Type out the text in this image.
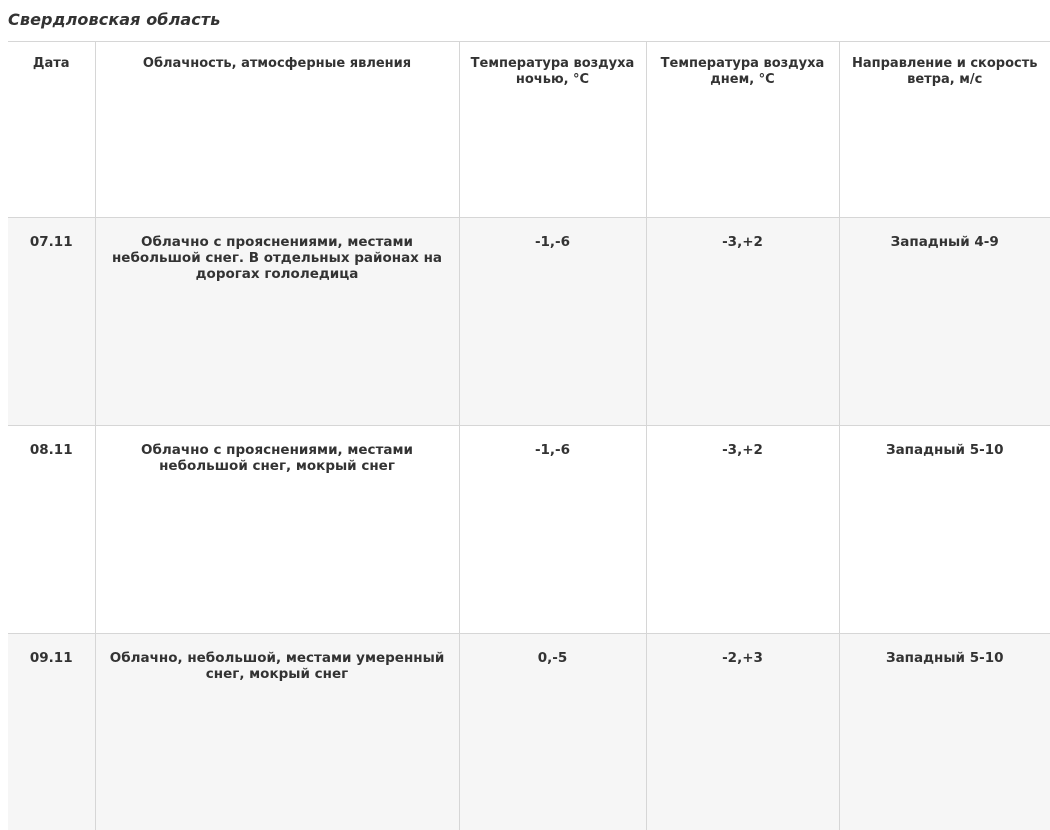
Свердловская область
Дата	Облачность, атмосферные явления	Температура воздуха ночью, °C	Температура воздуха днем, °C	Направление и скорость ветра, м/с
07.11	Облачно с прояснениями, местами небольшой снег. В отдельных районах на дорогах гололедица	-1,-6	-3,+2	Западный 4-9
08.11	Облачно с прояснениями, местами небольшой снег, мокрый снег	-1,-6	-3,+2	Западный 5-10
09.11	Облачно, небольшой, местами умеренный снег, мокрый снег	0,-5	-2,+3	Западный 5-10
